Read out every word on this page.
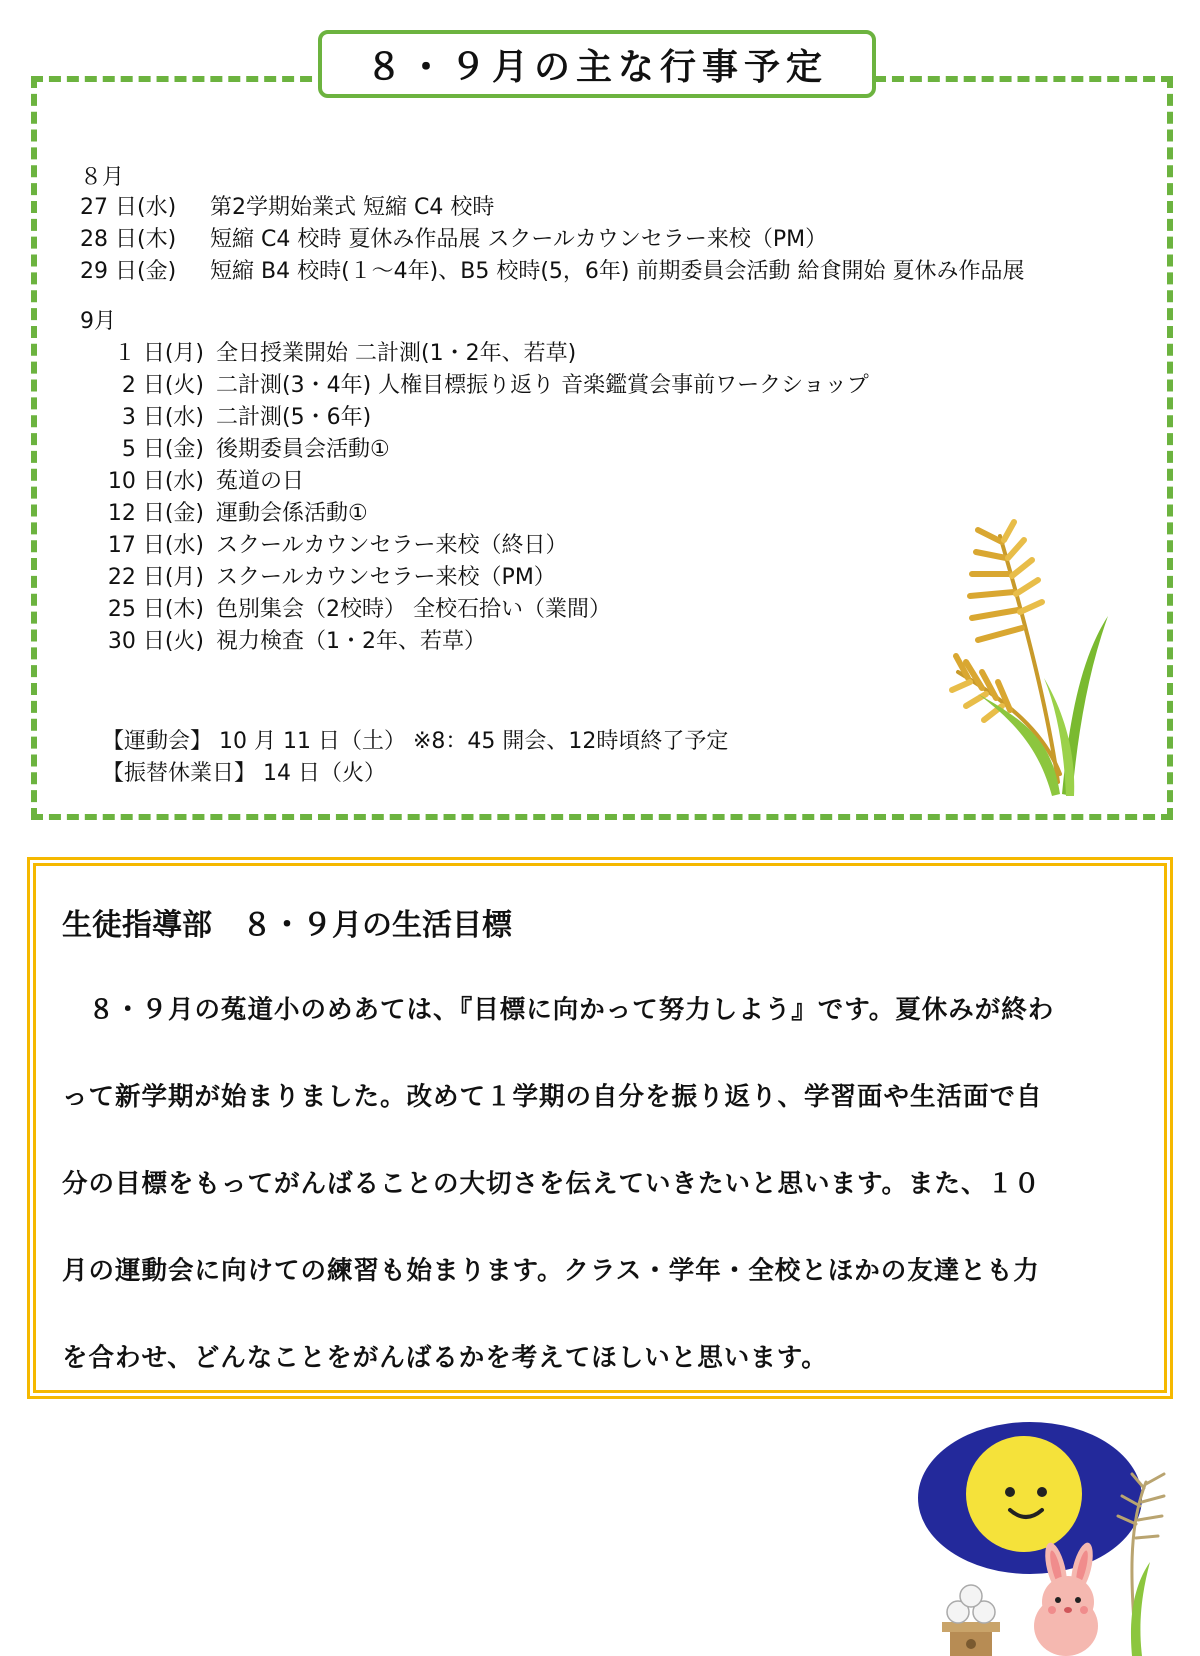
８・９月の主な行事予定
８月
27 日(水) 第2学期始業式 短縮 C4 校時
28 日(木) 短縮 C4 校時 夏休み作品展 スクールカウンセラー来校（PM）
29 日(金) 短縮 B4 校時(１～4年)、B5 校時(5，6年) 前期委員会活動 給食開始 夏休み作品展
9月
１ 日(月) 全日授業開始 二計測(1・2年、若草)
2 日(火) 二計測(3・4年) 人権目標振り返り 音楽鑑賞会事前ワークショップ
3 日(水) 二計測(5・6年)
5 日(金) 後期委員会活動①
10 日(水) 菟道の日
12 日(金) 運動会係活動①
17 日(水) スクールカウンセラー来校（終日）
22 日(月) スクールカウンセラー来校（PM）
25 日(木) 色別集会（2校時） 全校石拾い（業間）
30 日(火) 視力検査（1・2年、若草）
【運動会】 10 月 11 日（土） ※8：45 開会、12時頃終了予定
【振替休業日】 14 日（火）
生徒指導部　８・９月の生活目標
　８・９月の菟道小のめあては、『目標に向かって努力しよう』です。夏休みが終わ
って新学期が始まりました。改めて１学期の自分を振り返り、学習面や生活面で自
分の目標をもってがんばることの大切さを伝えていきたいと思います。また、１０
月の運動会に向けての練習も始まります。クラス・学年・全校とほかの友達とも力
を合わせ、どんなことをがんばるかを考えてほしいと思います。
